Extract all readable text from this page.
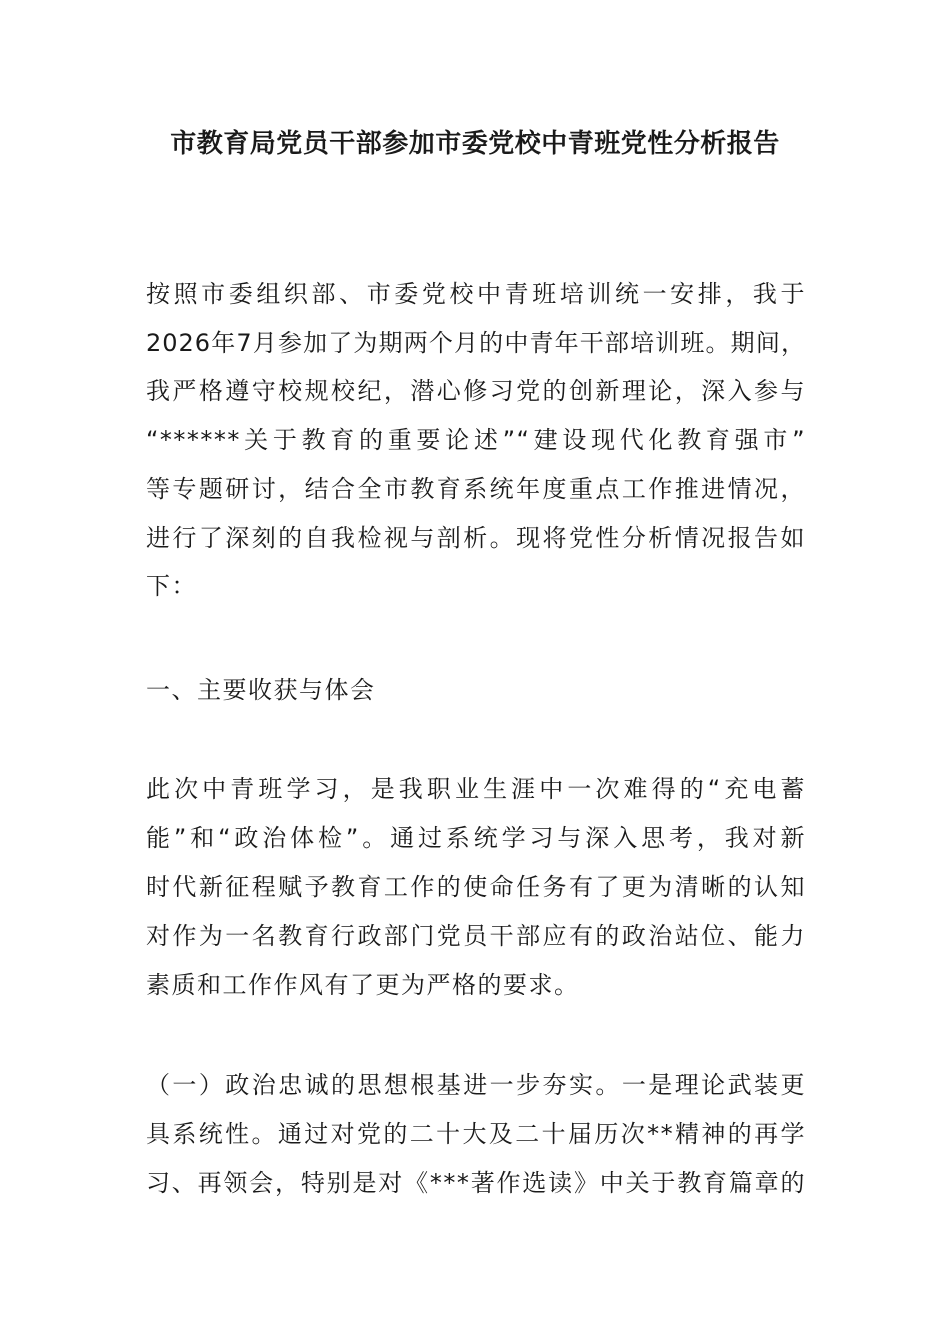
市教育局党员干部参加市委党校中青班党性分析报告
按照市委组织部、市委党校中青班培训统一安排，我于
2026年7月参加了为期两个月的中青年干部培训班。期间，
我严格遵守校规校纪，潜心修习党的创新理论，深入参与
“******关于教育的重要论述”“建设现代化教育强市”
等专题研讨，结合全市教育系统年度重点工作推进情况，
进行了深刻的自我检视与剖析。现将党性分析情况报告如
下：
一、主要收获与体会
此次中青班学习，是我职业生涯中一次难得的“充电蓄
能”和“政治体检”。通过系统学习与深入思考，我对新
时代新征程赋予教育工作的使命任务有了更为清晰的认知
对作为一名教育行政部门党员干部应有的政治站位、能力
素质和工作作风有了更为严格的要求。
（一）政治忠诚的思想根基进一步夯实。一是理论武装更
具系统性。通过对党的二十大及二十届历次**精神的再学
习、再领会，特别是对《***著作选读》中关于教育篇章的
